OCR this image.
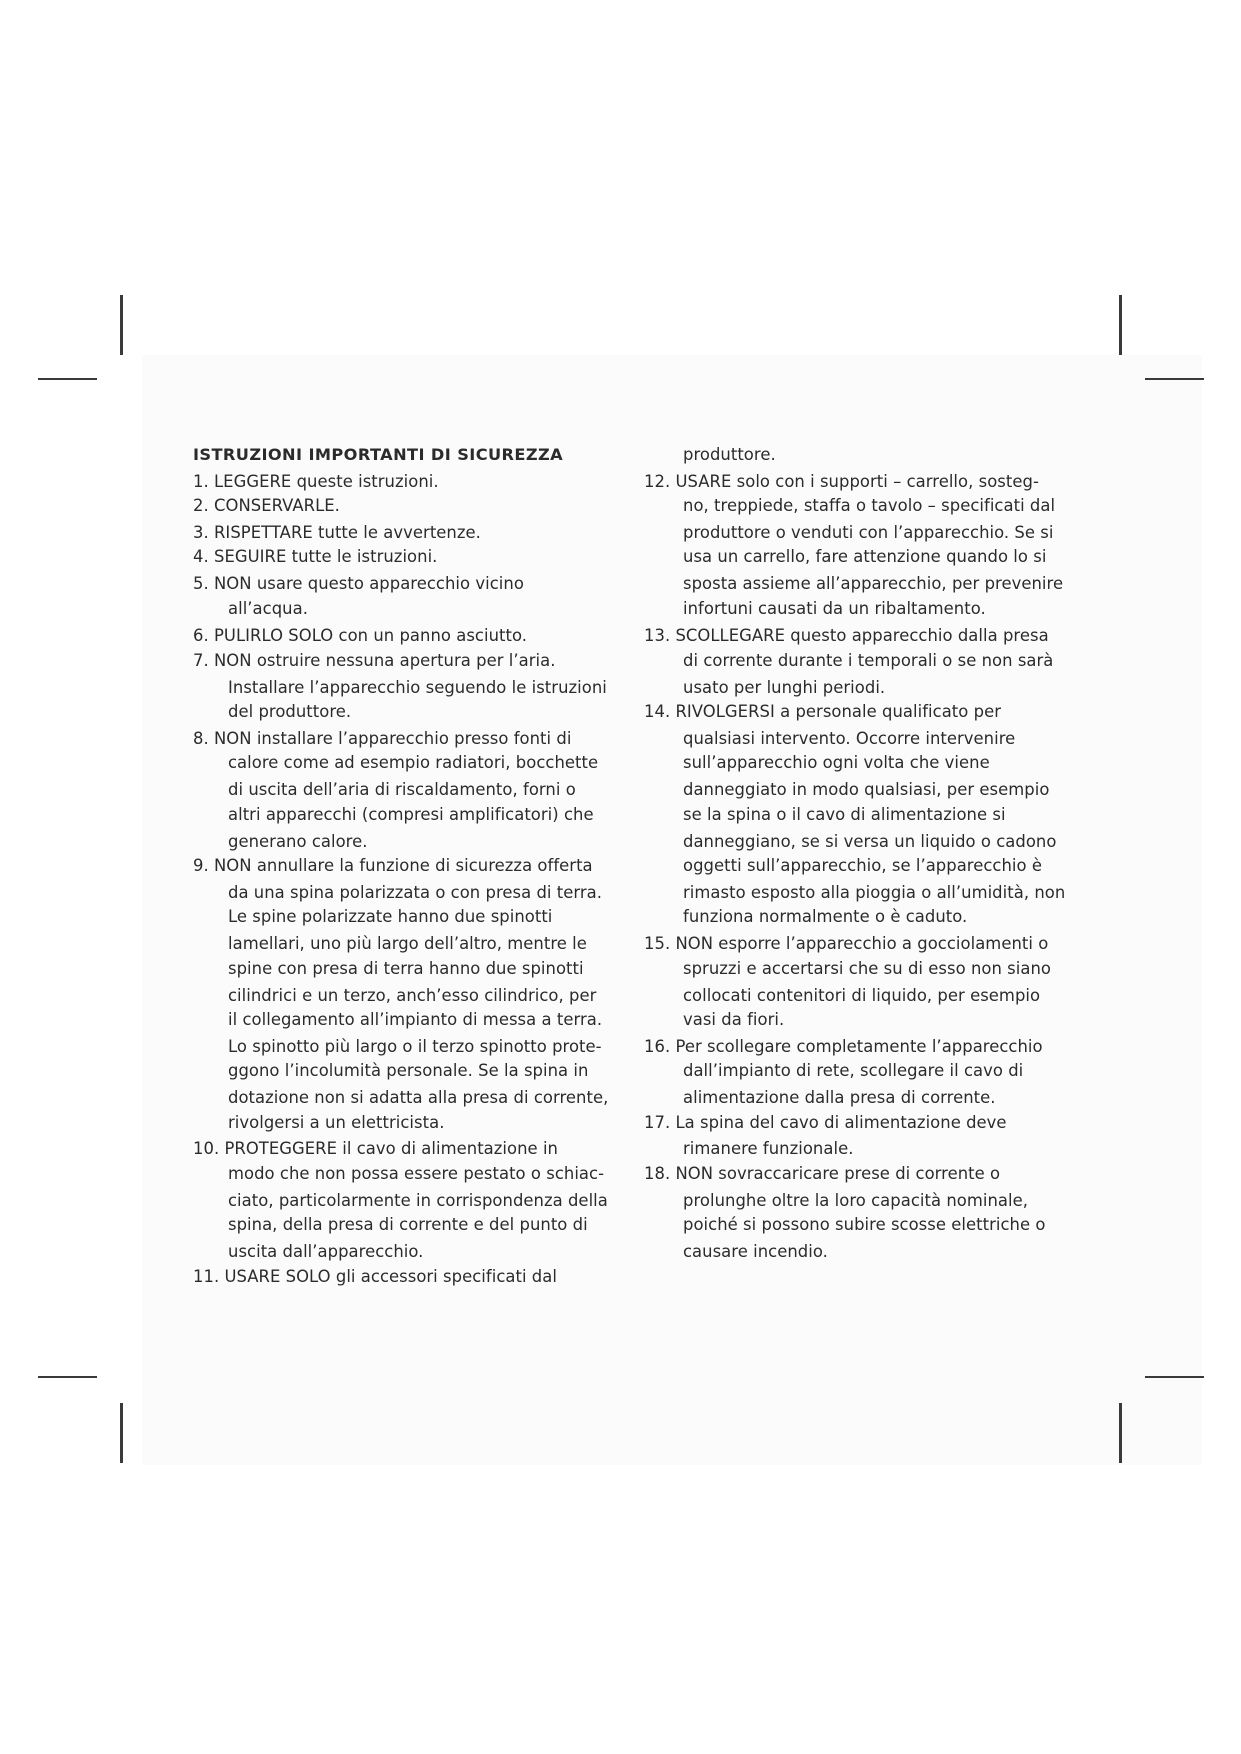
ISTRUZIONI IMPORTANTI DI SICUREZZA
1. LEGGERE queste istruzioni.
2. CONSERVARLE.
3. RISPETTARE tutte le avvertenze.
4. SEGUIRE tutte le istruzioni.
5. NON usare questo apparecchio vicino
all’acqua.
6. PULIRLO SOLO con un panno asciutto.
7. NON ostruire nessuna apertura per l’aria.
Installare l’apparecchio seguendo le istruzioni
del produttore.
8. NON installare l’apparecchio presso fonti di
calore come ad esempio radiatori, bocchette
di uscita dell’aria di riscaldamento, forni o
altri apparecchi (compresi amplificatori) che
generano calore.
9. NON annullare la funzione di sicurezza offerta
da una spina polarizzata o con presa di terra.
Le spine polarizzate hanno due spinotti
lamellari, uno più largo dell’altro, mentre le
spine con presa di terra hanno due spinotti
cilindrici e un terzo, anch’esso cilindrico, per
il collegamento all’impianto di messa a terra.
Lo spinotto più largo o il terzo spinotto prote-
ggono l’incolumità personale. Se la spina in
dotazione non si adatta alla presa di corrente,
rivolgersi a un elettricista.
10. PROTEGGERE il cavo di alimentazione in
modo che non possa essere pestato o schiac-
ciato, particolarmente in corrispondenza della
spina, della presa di corrente e del punto di
uscita dall’apparecchio.
11. USARE SOLO gli accessori specificati dal
produttore.
12. USARE solo con i supporti – carrello, sosteg-
no, treppiede, staffa o tavolo – specificati dal
produttore o venduti con l’apparecchio. Se si
usa un carrello, fare attenzione quando lo si
sposta assieme all’apparecchio, per prevenire
infortuni causati da un ribaltamento.
13. SCOLLEGARE questo apparecchio dalla presa
di corrente durante i temporali o se non sarà
usato per lunghi periodi.
14. RIVOLGERSI a personale qualificato per
qualsiasi intervento. Occorre intervenire
sull’apparecchio ogni volta che viene
danneggiato in modo qualsiasi, per esempio
se la spina o il cavo di alimentazione si
danneggiano, se si versa un liquido o cadono
oggetti sull’apparecchio, se l’apparecchio è
rimasto esposto alla pioggia o all’umidità, non
funziona normalmente o è caduto.
15. NON esporre l’apparecchio a gocciolamenti o
spruzzi e accertarsi che su di esso non siano
collocati contenitori di liquido, per esempio
vasi da fiori.
16. Per scollegare completamente l’apparecchio
dall’impianto di rete, scollegare il cavo di
alimentazione dalla presa di corrente.
17. La spina del cavo di alimentazione deve
rimanere funzionale.
18. NON sovraccaricare prese di corrente o
prolunghe oltre la loro capacità nominale,
poiché si possono subire scosse elettriche o
causare incendio.
